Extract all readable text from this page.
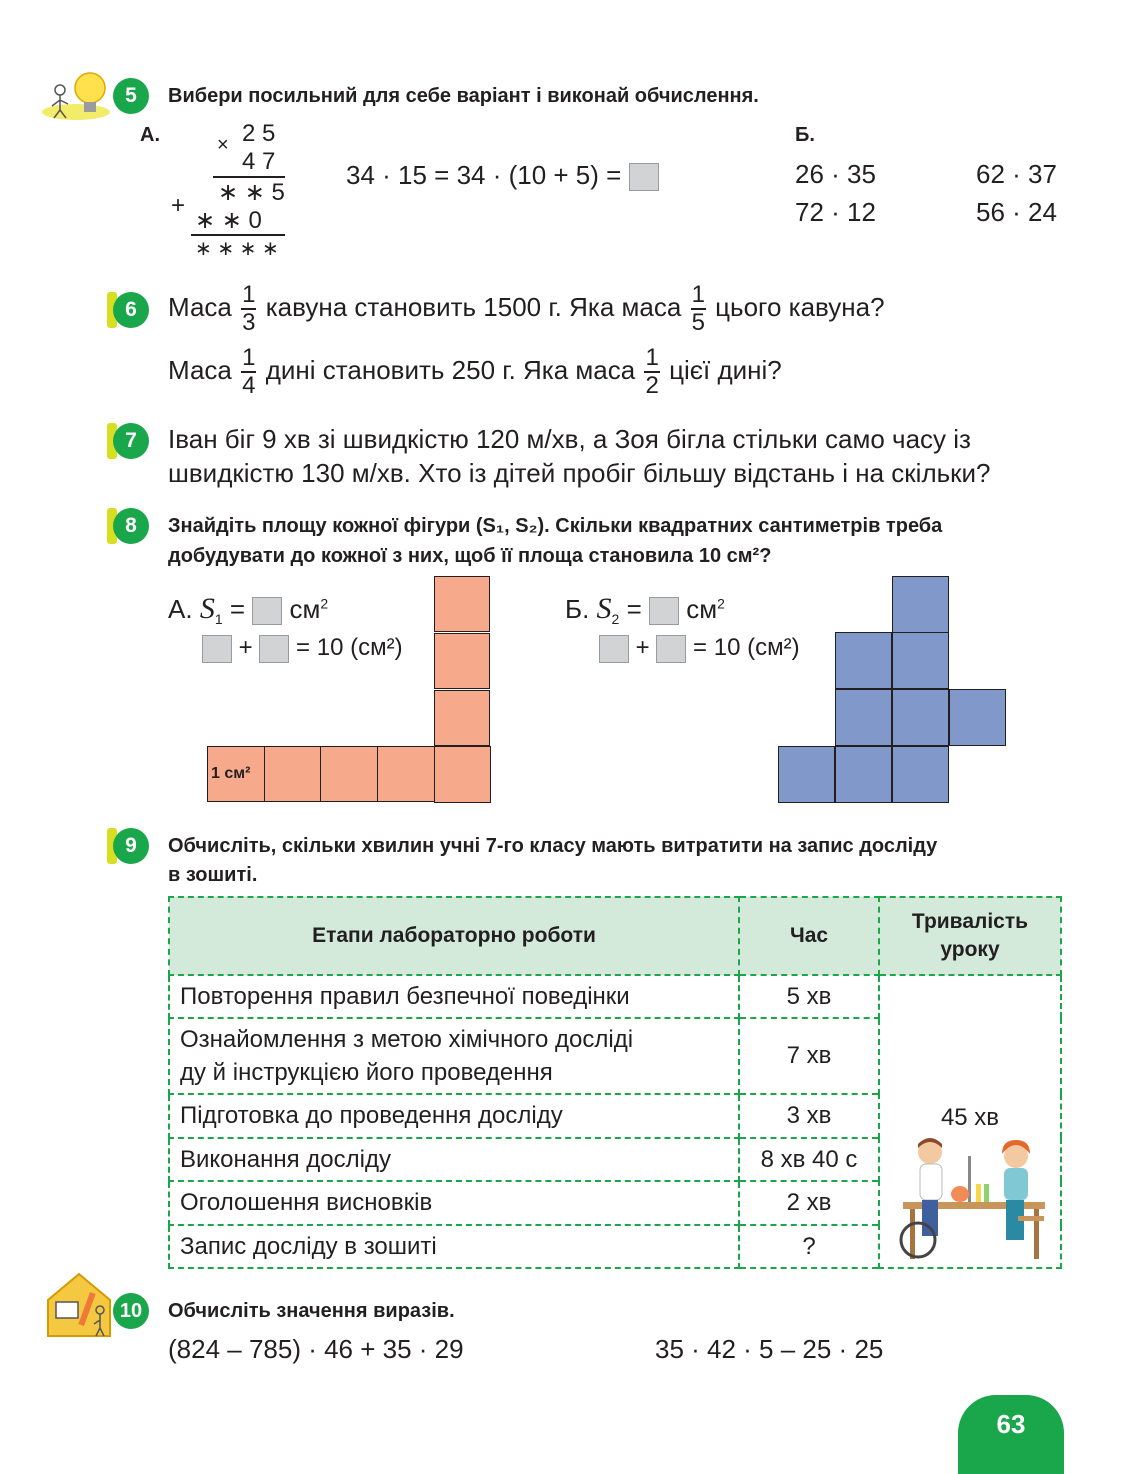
5	Вибери посильний для себе варіант і виконай обчислення.
А.	2 5
×
4 7
∗ ∗ 5
+
∗ ∗ 0
∗ ∗ ∗ ∗
34 · 15 = 34 · (10 + 5) =
Б.
26 · 35	62 · 37
72 · 12	56 · 24
6	Маса $\frac{1}{3}$ кавуна становить 1500 г. Яка маса $\frac{1}{5}$ цього кавуна?
Маса $\frac{1}{4}$ дині становить 250 г. Яка маса $\frac{1}{2}$ цієї дині?
7	Іван біг 9 хв зі швидкістю 120 м/хв, а Зоя бігла стільки само часу із
швидкістю 130 м/хв. Хто із дітей пробіг більшу відстань і на скільки?
8	Знайдіть площу кожної фігури (S₁, S₂). Скільки квадратних сантиметрів треба
добудувати до кожної з них, щоб її площа становила 10 см²?
А. $S_1 = см^2$
+ = 10 (см²)
Б. $S_2 = см^2$
+ = 10 (см²)
1 см²
9	Обчисліть, скільки хвилин учні 7-го класу мають витратити на запис досліду
в зошиті.
Етапи лабораторно роботи	Час	Тривалість уроку
Повторення правил безпечної поведінки	5 хв	45 хв

Ознайомлення з метою хімічного досліді
ду й інструкцією його проведення	7 хв	
Підготовка до проведення досліду	3 хв	
Виконання досліду	8 хв 40 с	
Оголошення висновків	2 хв	
Запис досліду в зошиті	?	
10	Обчисліть значення виразів.
(824 – 785) · 46 + 35 · 29	35 · 42 · 5 – 25 · 25
63
